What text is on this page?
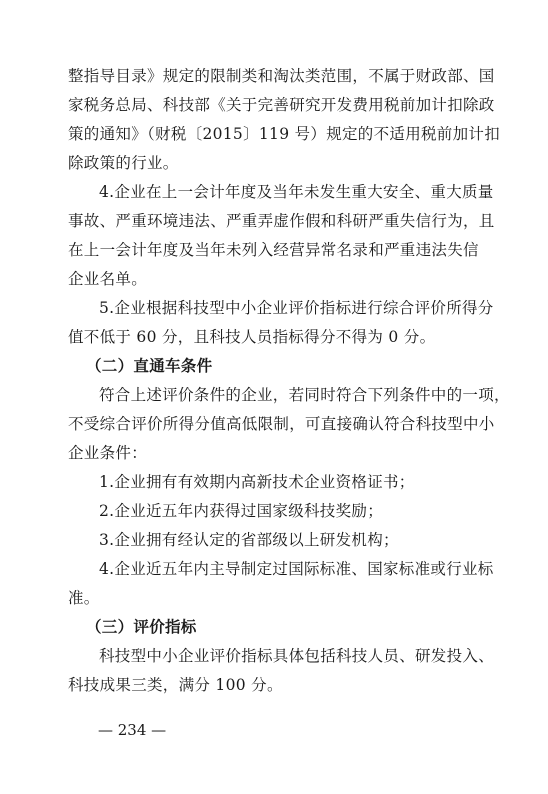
整指导目录》规定的限制类和淘汰类范围，不属于财政部、国
家税务总局、科技部《关于完善研究开发费用税前加计扣除政
策的通知》（财税〔2015〕119 号）规定的不适用税前加计扣
除政策的行业。
4.企业在上一会计年度及当年未发生重大安全、重大质量
事故、严重环境违法、严重弄虚作假和科研严重失信行为，且
在上一会计年度及当年未列入经营异常名录和严重违法失信
企业名单。
5.企业根据科技型中小企业评价指标进行综合评价所得分
值不低于 60 分，且科技人员指标得分不得为 0 分。
（二）直通车条件
符合上述评价条件的企业，若同时符合下列条件中的一项，
不受综合评价所得分值高低限制，可直接确认符合科技型中小
企业条件：
1.企业拥有有效期内高新技术企业资格证书；
2.企业近五年内获得过国家级科技奖励；
3.企业拥有经认定的省部级以上研发机构；
4.企业近五年内主导制定过国际标准、国家标准或行业标
准。
（三）评价指标
科技型中小企业评价指标具体包括科技人员、研发投入、
科技成果三类，满分 100 分。
— 234 —
